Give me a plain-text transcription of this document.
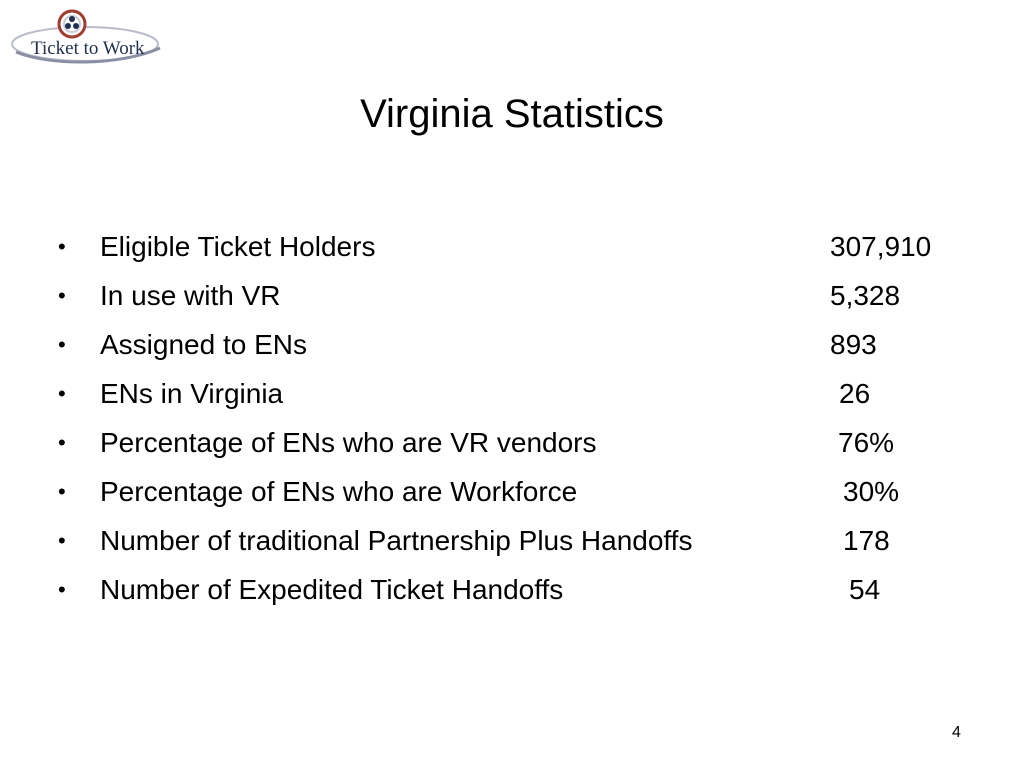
Ticket to Work
Virginia Statistics
• Eligible Ticket Holders	307,910
• In use with VR	5,328
• Assigned to ENs	893
• ENs in Virginia	26
• Percentage of ENs who are VR vendors	76%
• Percentage of ENs who are Workforce	30%
• Number of traditional Partnership Plus Handoffs	178
• Number of Expedited Ticket Handoffs	54
4
